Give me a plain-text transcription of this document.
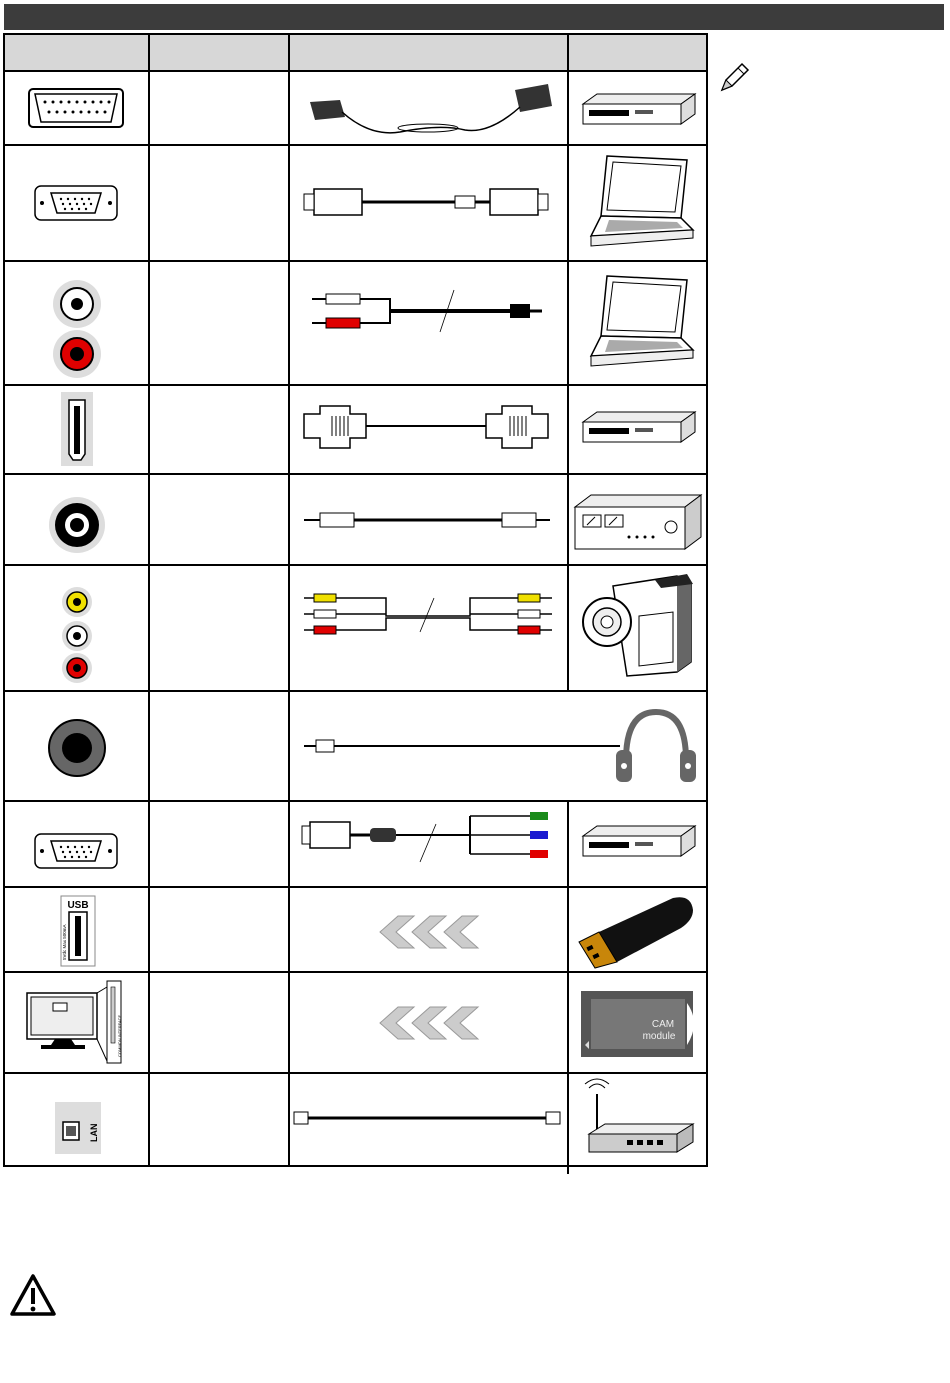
USB
5Vdc Max 500mA
COMMON INTERFACE	CAM
module
LAN
